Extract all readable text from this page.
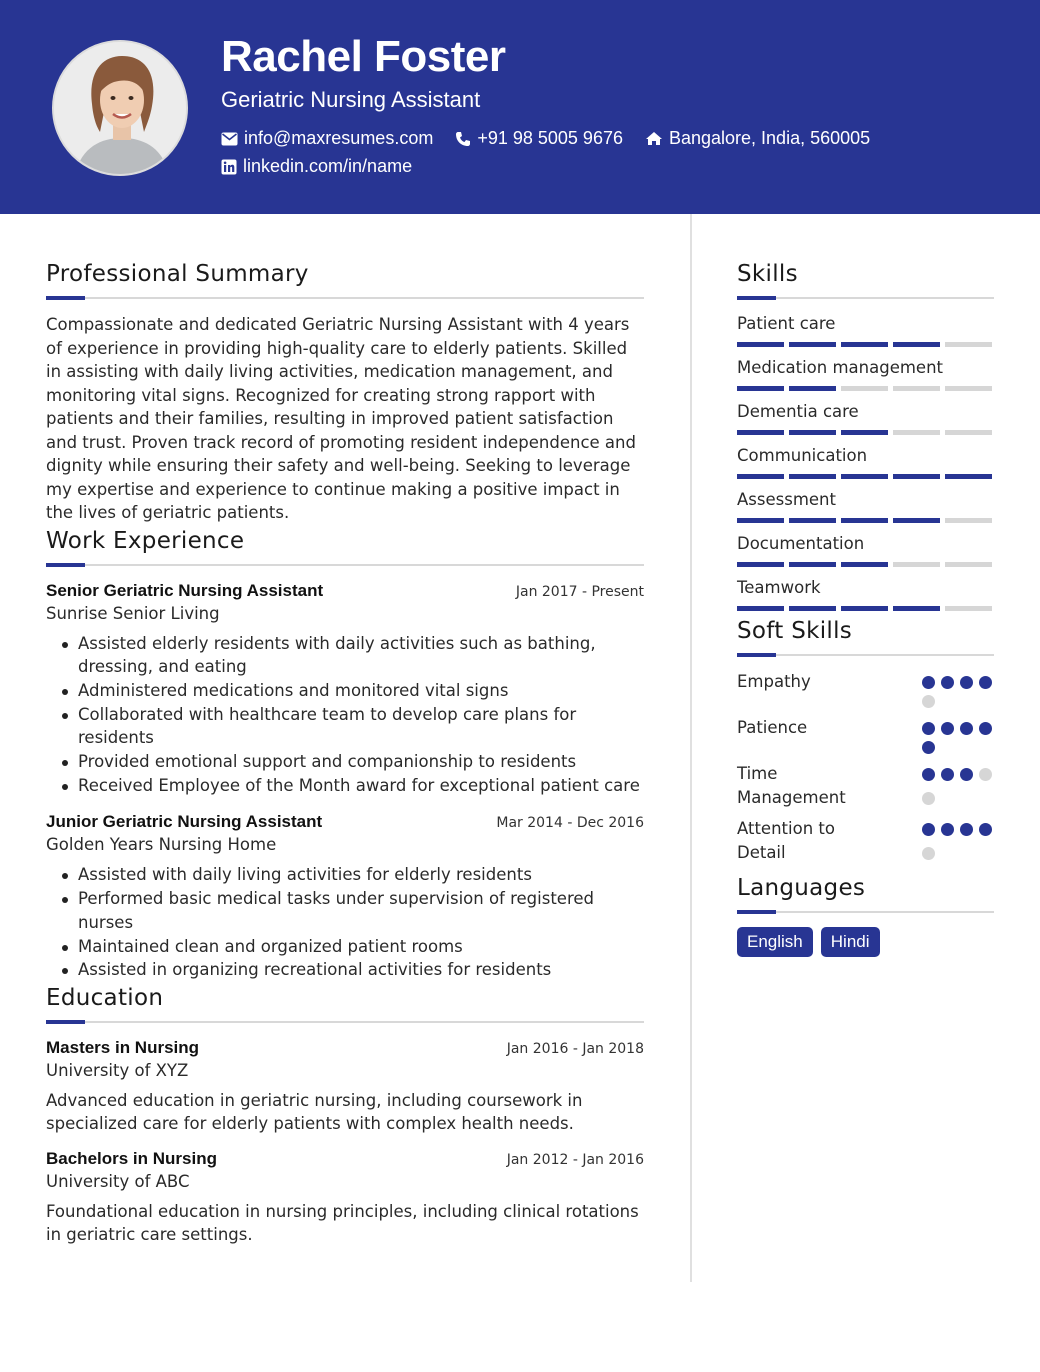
Rachel Foster
Geriatric Nursing Assistant
info@maxresumes.com +91 98 5005 9676	Bangalore, India, 560005
linkedin.com/in/name
Professional Summary

Compassionate and dedicated Geriatric Nursing Assistant with 4 years of experience in providing high-quality care to elderly patients. Skilled in assisting with daily living activities, medication management, and monitoring vital signs. Recognized for creating strong rapport with patients and their families, resulting in improved patient satisfaction and trust. Proven track record of promoting resident independence and dignity while ensuring their safety and well-being. Seeking to leverage my expertise and experience to continue making a positive impact in the lives of geriatric patients.

Work Experience
Senior Geriatric Nursing Assistant	Jan 2017 - Present
Sunrise Senior Living
Assisted elderly residents with daily activities such as bathing, dressing, and eating
Administered medications and monitored vital signs
Collaborated with healthcare team to develop care plans for residents
Provided emotional support and companionship to residents
Received Employee of the Month award for exceptional patient care
Junior Geriatric Nursing Assistant	Mar 2014 - Dec 2016
Golden Years Nursing Home
Assisted with daily living activities for elderly residents
Performed basic medical tasks under supervision of registered nurses
Maintained clean and organized patient rooms
Assisted in organizing recreational activities for residents
Education
Masters in Nursing	Jan 2016 - Jan 2018
University of XYZ

Advanced education in geriatric nursing, including coursework in specialized care for elderly patients with complex health needs.

Bachelors in Nursing	Jan 2012 - Jan 2016
University of ABC

Foundational education in nursing principles, including clinical rotations in geriatric care settings.

Skills
Patient care
Medication management
Dementia care
Communication
Assessment
Documentation
Teamwork
Soft Skills
Empathy
Patience
Time Management
Attention to Detail
Languages
English	Hindi
